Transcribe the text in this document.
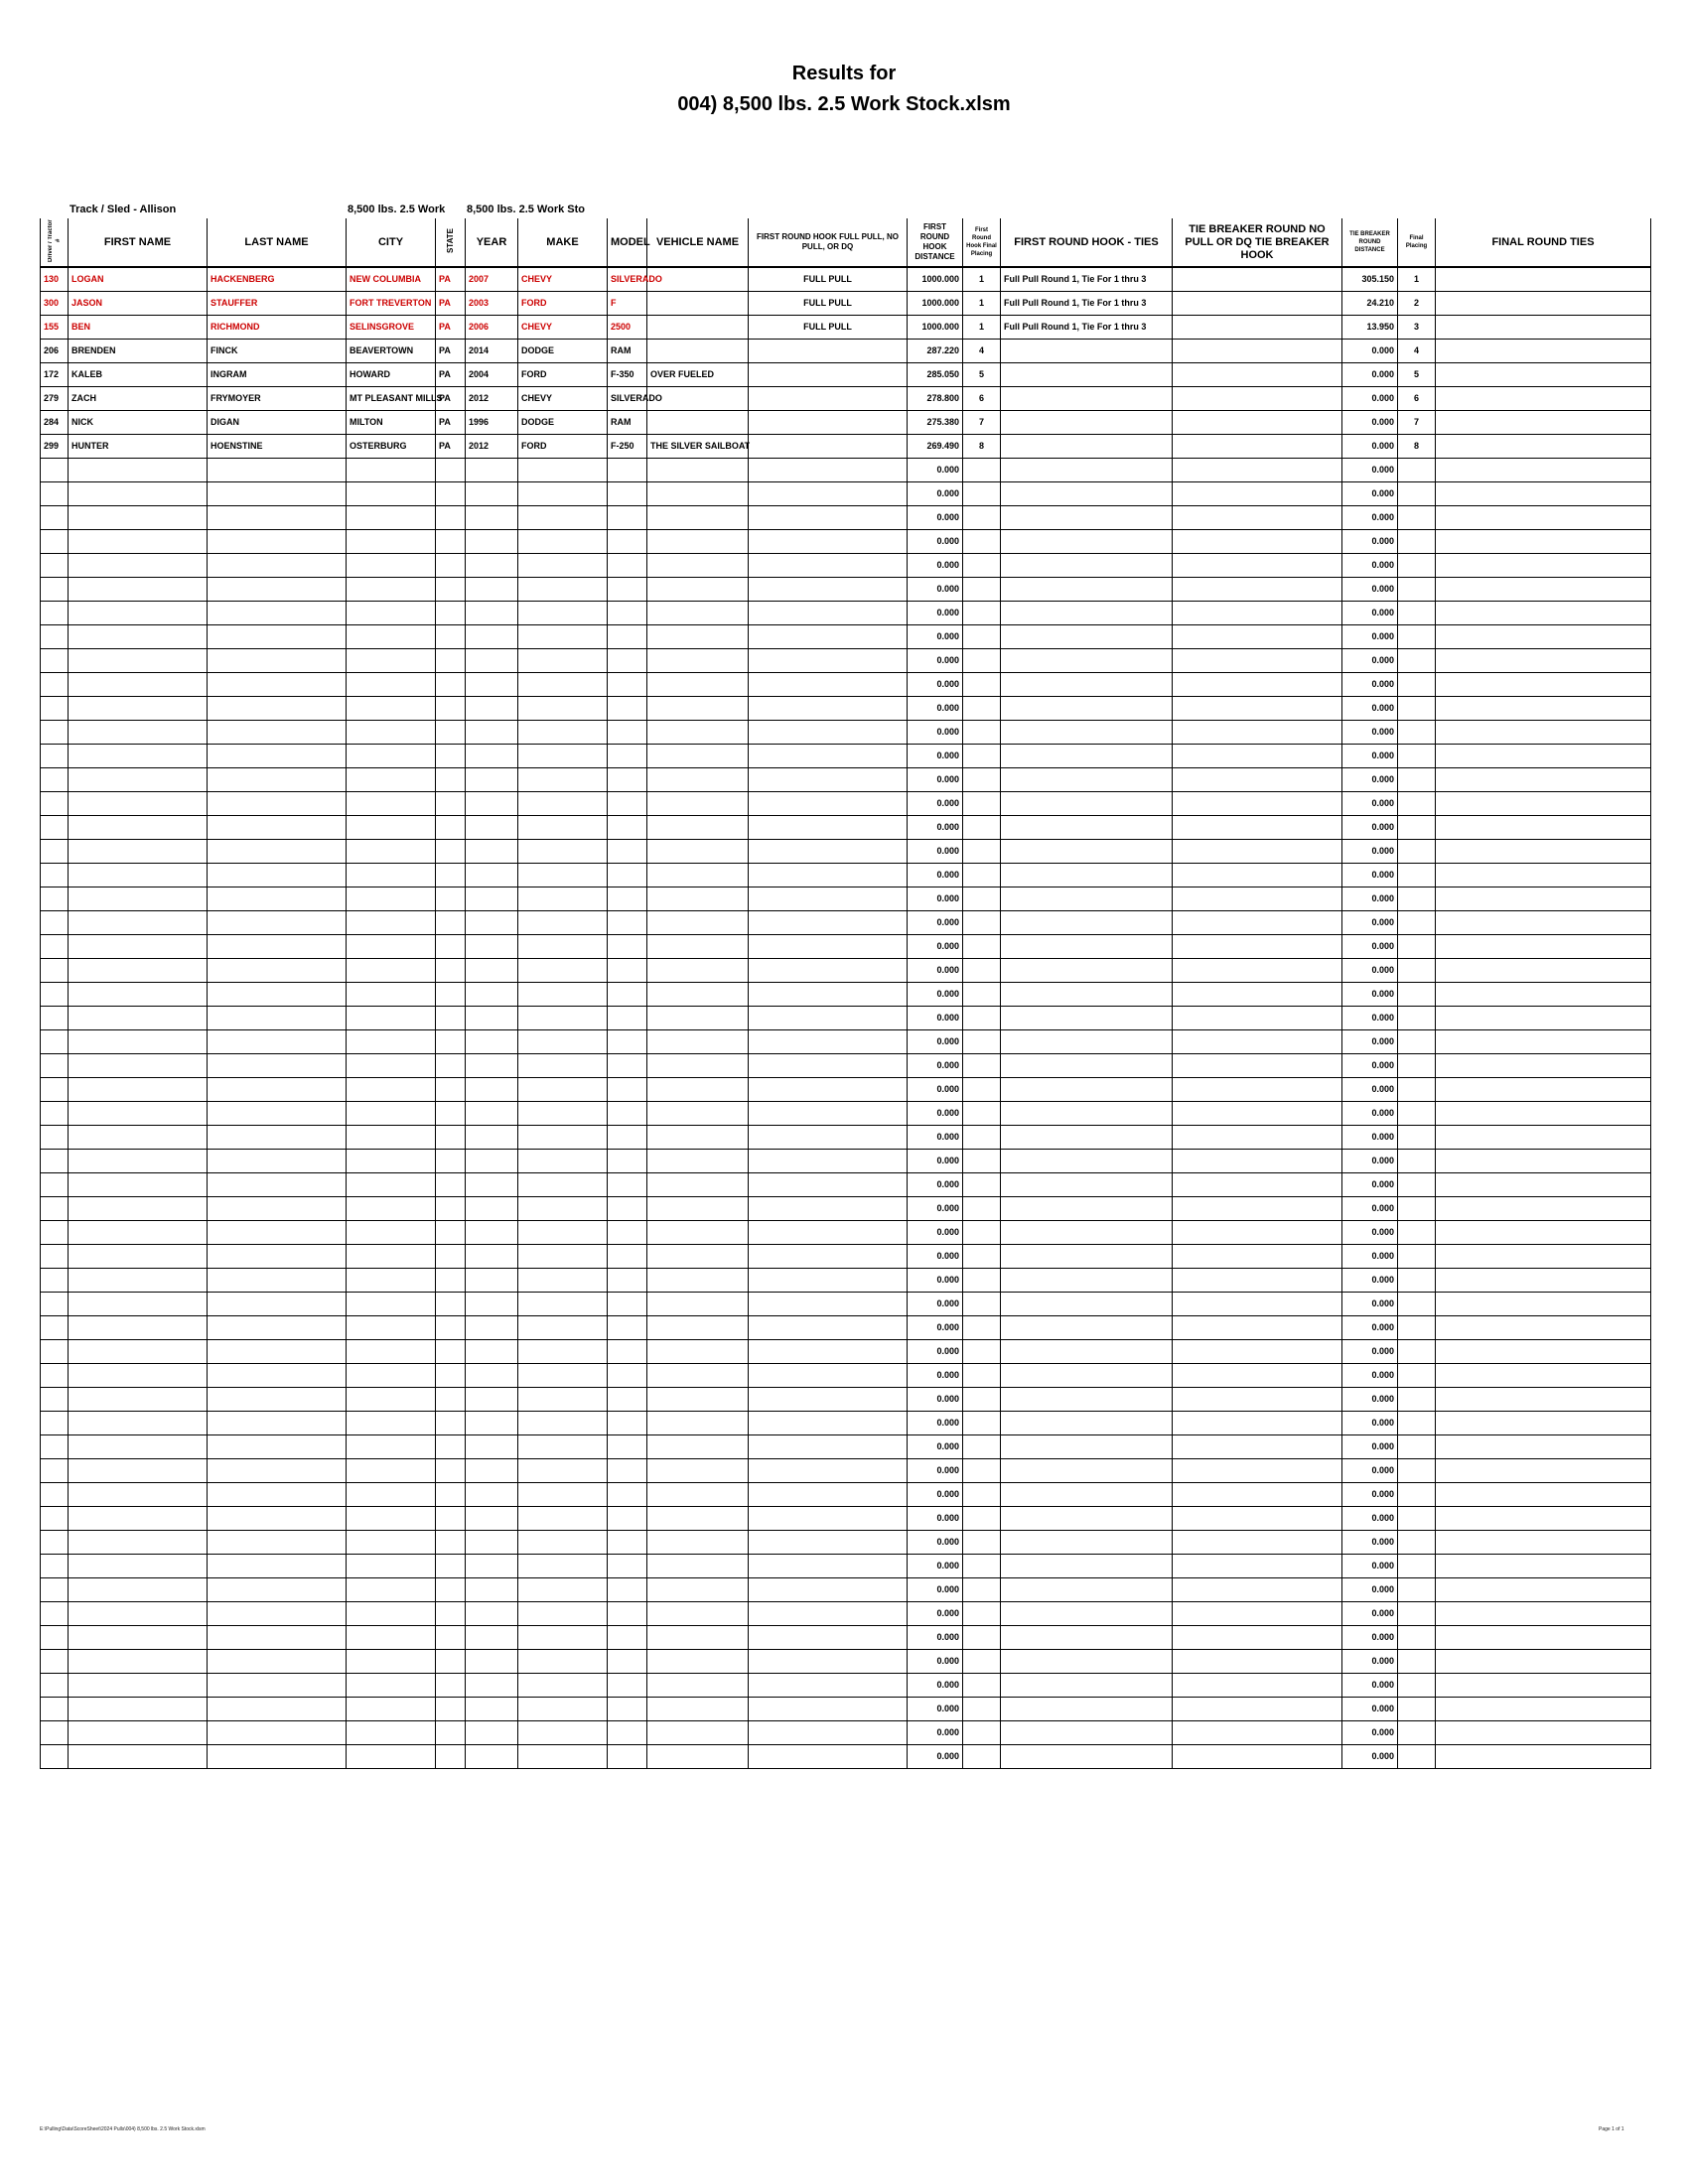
Results for
004) 8,500 lbs. 2.5 Work Stock.xlsm
Track / Sled - Allison	8,500 lbs. 2.5 Work 8,500 lbs. 2.5 Work Sto
Driver / Tractor #	FIRST NAME	LAST NAME	CITY	STATE	YEAR	MAKE	MODEL	VEHICLE NAME	FIRST ROUND HOOK FULL PULL, NO PULL, OR DQ	FIRST ROUND HOOK DISTANCE	First Round Hook Final Placing	FIRST ROUND HOOK - TIES	TIE BREAKER ROUND NO PULL OR DQ TIE BREAKER HOOK	TIE BREAKER ROUND DISTANCE	Final Placing	FINAL ROUND TIES
130	LOGAN	HACKENBERG	NEW COLUMBIA	PA	2007	CHEVY	SILVERADO		FULL PULL	1000.000	1	Full Pull Round 1, Tie For 1 thru 3		305.150	1	
300	JASON	STAUFFER	FORT TREVERTON	PA	2003	FORD	F		FULL PULL	1000.000	1	Full Pull Round 1, Tie For 1 thru 3		24.210	2	
155	BEN	RICHMOND	SELINSGROVE	PA	2006	CHEVY	2500		FULL PULL	1000.000	1	Full Pull Round 1, Tie For 1 thru 3		13.950	3	
206	BRENDEN	FINCK	BEAVERTOWN	PA	2014	DODGE	RAM			287.220	4			0.000	4	
172	KALEB	INGRAM	HOWARD	PA	2004	FORD	F-350	OVER FUELED		285.050	5			0.000	5	
279	ZACH	FRYMOYER	MT PLEASANT MILLS	PA	2012	CHEVY	SILVERADO			278.800	6			0.000	6	
284	NICK	DIGAN	MILTON	PA	1996	DODGE	RAM			275.380	7			0.000	7	
299	HUNTER	HOENSTINE	OSTERBURG	PA	2012	FORD	F-250	THE SILVER SAILBOAT		269.490	8			0.000	8	
										0.000				0.000		
										0.000				0.000		
										0.000				0.000		
										0.000				0.000		
										0.000				0.000		
										0.000				0.000		
										0.000				0.000		
										0.000				0.000		
										0.000				0.000		
										0.000				0.000		
										0.000				0.000		
										0.000				0.000		
										0.000				0.000		
										0.000				0.000		
										0.000				0.000		
										0.000				0.000		
										0.000				0.000		
										0.000				0.000		
										0.000				0.000		
										0.000				0.000		
										0.000				0.000		
										0.000				0.000		
										0.000				0.000		
										0.000				0.000		
										0.000				0.000		
										0.000				0.000		
										0.000				0.000		
										0.000				0.000		
										0.000				0.000		
										0.000				0.000		
										0.000				0.000		
										0.000				0.000		
										0.000				0.000		
										0.000				0.000		
										0.000				0.000		
										0.000				0.000		
										0.000				0.000		
										0.000				0.000		
										0.000				0.000		
										0.000				0.000		
										0.000				0.000		
										0.000				0.000		
										0.000				0.000		
										0.000				0.000		
										0.000				0.000		
										0.000				0.000		
										0.000				0.000		
										0.000				0.000		
										0.000				0.000		
										0.000				0.000		
										0.000				0.000		
										0.000				0.000		
										0.000				0.000		
										0.000				0.000		
										0.000				0.000		
E:\Pulling\Data\ScoreSheet\2024 Pulls\004) 8,500 lbs. 2.5 Work Stock.xlsm	Page 1 of 1
